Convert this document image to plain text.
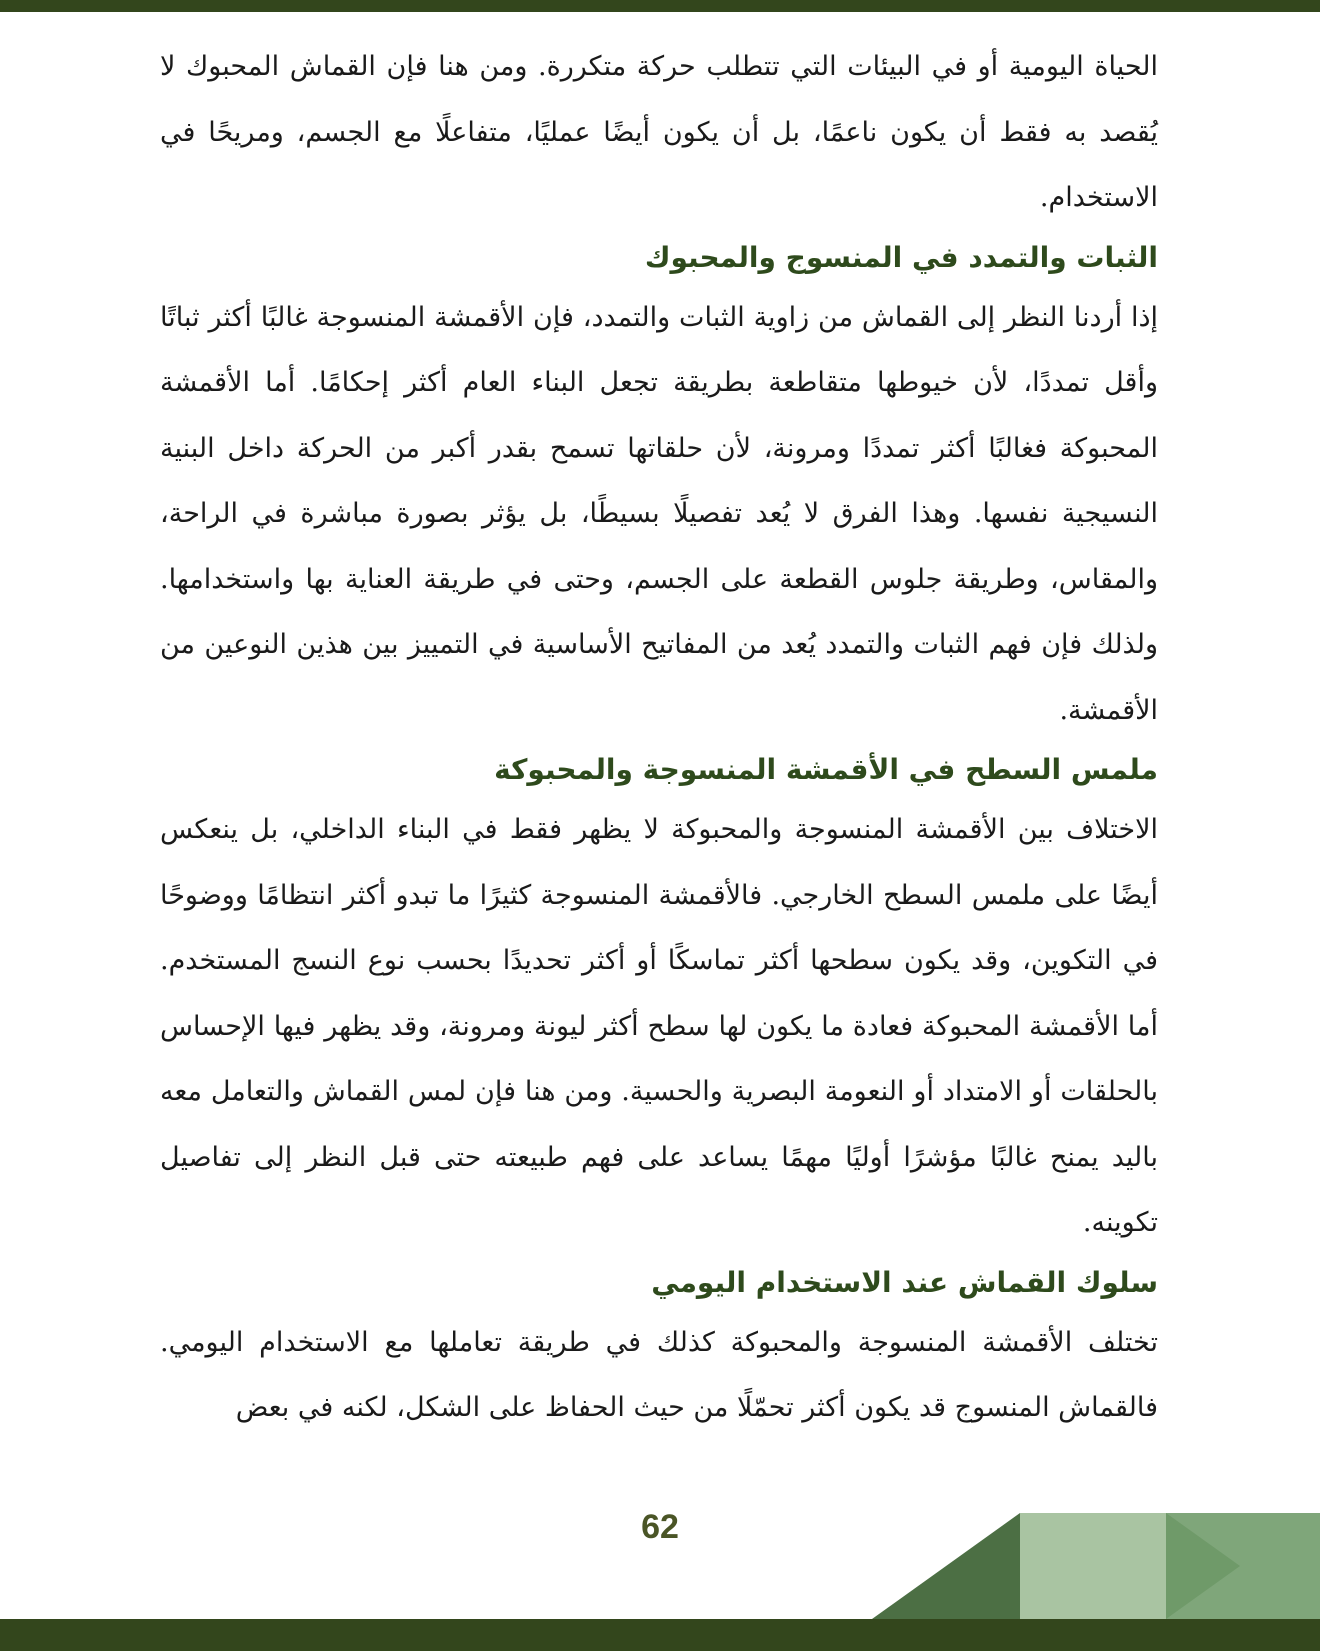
الحياة اليومية أو في البيئات التي تتطلب حركة متكررة. ومن هنا فإن القماش المحبوك لا يُقصد به فقط أن يكون ناعمًا، بل أن يكون أيضًا عمليًا، متفاعلًا مع الجسم، ومريحًا في الاستخدام.

الثبات والتمدد في المنسوج والمحبوك

إذا أردنا النظر إلى القماش من زاوية الثبات والتمدد، فإن الأقمشة المنسوجة غالبًا أكثر ثباتًا وأقل تمددًا، لأن خيوطها متقاطعة بطريقة تجعل البناء العام أكثر إحكامًا. أما الأقمشة المحبوكة فغالبًا أكثر تمددًا ومرونة، لأن حلقاتها تسمح بقدر أكبر من الحركة داخل البنية النسيجية نفسها. وهذا الفرق لا يُعد تفصيلًا بسيطًا، بل يؤثر بصورة مباشرة في الراحة، والمقاس، وطريقة جلوس القطعة على الجسم، وحتى في طريقة العناية بها واستخدامها. ولذلك فإن فهم الثبات والتمدد يُعد من المفاتيح الأساسية في التمييز بين هذين النوعين من الأقمشة.

ملمس السطح في الأقمشة المنسوجة والمحبوكة

الاختلاف بين الأقمشة المنسوجة والمحبوكة لا يظهر فقط في البناء الداخلي، بل ينعكس أيضًا على ملمس السطح الخارجي. فالأقمشة المنسوجة كثيرًا ما تبدو أكثر انتظامًا ووضوحًا في التكوين، وقد يكون سطحها أكثر تماسكًا أو أكثر تحديدًا بحسب نوع النسج المستخدم. أما الأقمشة المحبوكة فعادة ما يكون لها سطح أكثر ليونة ومرونة، وقد يظهر فيها الإحساس بالحلقات أو الامتداد أو النعومة البصرية والحسية. ومن هنا فإن لمس القماش والتعامل معه باليد يمنح غالبًا مؤشرًا أوليًا مهمًا يساعد على فهم طبيعته حتى قبل النظر إلى تفاصيل تكوينه.

سلوك القماش عند الاستخدام اليومي

تختلف الأقمشة المنسوجة والمحبوكة كذلك في طريقة تعاملها مع الاستخدام اليومي. فالقماش المنسوج قد يكون أكثر تحمّلًا من حيث الحفاظ على الشكل، لكنه في بعض

62
